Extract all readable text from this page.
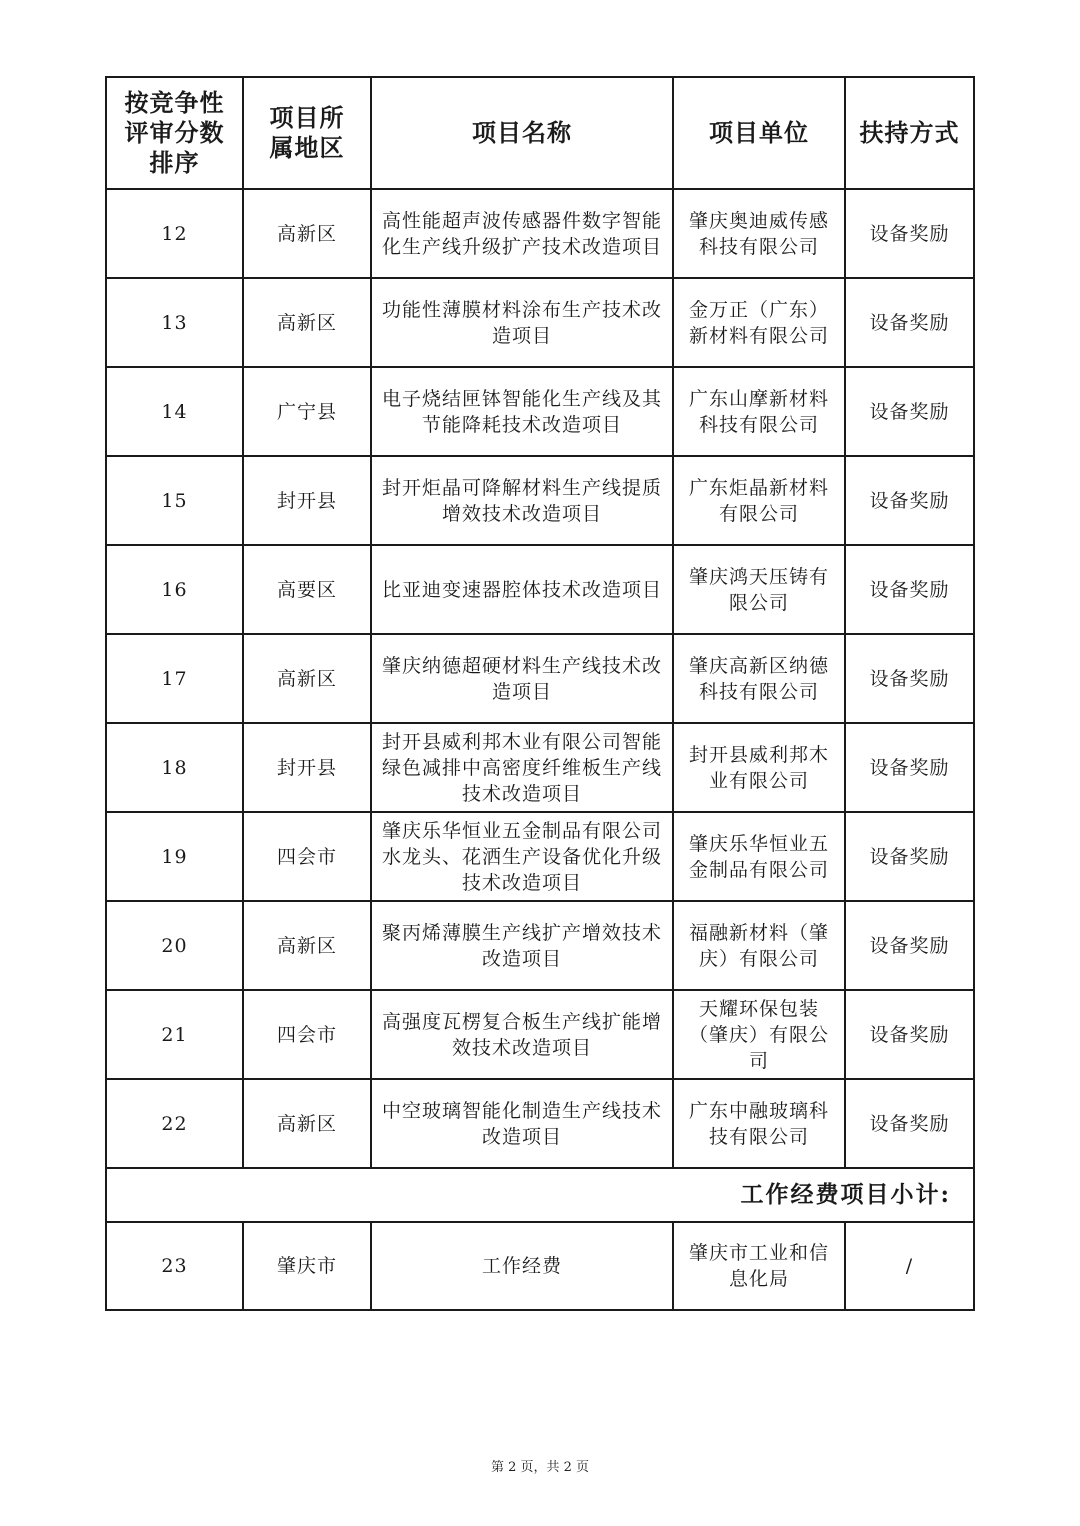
按竞争性评审分数排序	项目所属地区	项目名称	项目单位	扶持方式
12	高新区	高性能超声波传感器件数字智能化生产线升级扩产技术改造项目	肇庆奥迪威传感科技有限公司	设备奖励
13	高新区	功能性薄膜材料涂布生产技术改造项目	金万正（广东）新材料有限公司	设备奖励
14	广宁县	电子烧结匣钵智能化生产线及其节能降耗技术改造项目	广东山摩新材料科技有限公司	设备奖励
15	封开县	封开炬晶可降解材料生产线提质增效技术改造项目	广东炬晶新材料有限公司	设备奖励
16	高要区	比亚迪变速器腔体技术改造项目	肇庆鸿天压铸有限公司	设备奖励
17	高新区	肇庆纳德超硬材料生产线技术改造项目	肇庆高新区纳德科技有限公司	设备奖励
18	封开县	封开县威利邦木业有限公司智能绿色减排中高密度纤维板生产线技术改造项目	封开县威利邦木业有限公司	设备奖励
19	四会市	肇庆乐华恒业五金制品有限公司水龙头、花洒生产设备优化升级技术改造项目	肇庆乐华恒业五金制品有限公司	设备奖励
20	高新区	聚丙烯薄膜生产线扩产增效技术改造项目	福融新材料（肇庆）有限公司	设备奖励
21	四会市	高强度瓦楞复合板生产线扩能增效技术改造项目	天耀环保包装（肇庆）有限公司	设备奖励
22	高新区	中空玻璃智能化制造生产线技术改造项目	广东中融玻璃科技有限公司	设备奖励
工作经费项目小计:				
23	肇庆市	工作经费	肇庆市工业和信息化局	/
第 2 页，共 2 页
